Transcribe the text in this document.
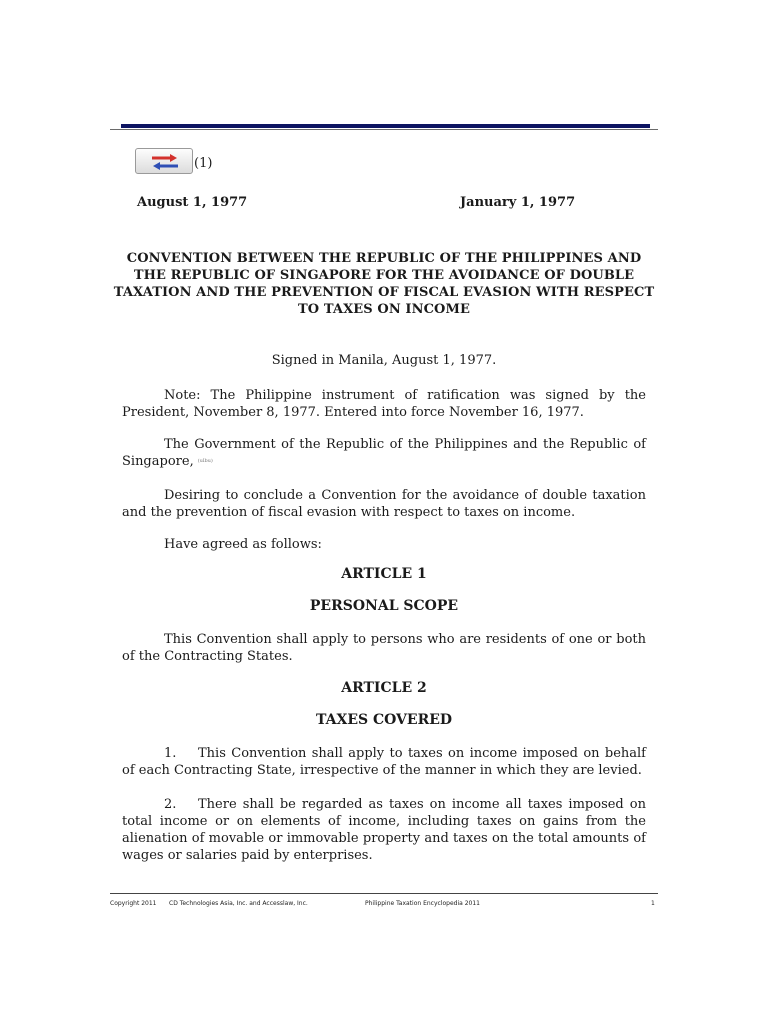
(1)
August 1, 1977	January 1, 1977
CONVENTION BETWEEN THE REPUBLIC OF THE PHILIPPINES AND THE REPUBLIC OF SINGAPORE FOR THE AVOIDANCE OF DOUBLE TAXATION AND THE PREVENTION OF FISCAL EVASION WITH RESPECT TO TAXES ON INCOME
Signed in Manila, August 1, 1977.
Note: The Philippine instrument of ratification was signed by the President, November 8, 1977. Entered into force November 16, 1977.
The Government of the Republic of the Philippines and the Republic of Singapore, (ulbu)
Desiring to conclude a Convention for the avoidance of double taxation and the prevention of fiscal evasion with respect to taxes on income.
Have agreed as follows:
ARTICLE 1
PERSONAL SCOPE
This Convention shall apply to persons who are residents of one or both of the Contracting States.
ARTICLE 2
TAXES COVERED
1. This Convention shall apply to taxes on income imposed on behalf of each Contracting State, irrespective of the manner in which they are levied.
2. There shall be regarded as taxes on income all taxes imposed on total income or on elements of income, including taxes on gains from the alienation of movable or immovable property and taxes on the total amounts of wages or salaries paid by enterprises.
Copyright 2011 CD Technologies Asia, Inc. and Accesslaw, Inc.	Philippine Taxation Encyclopedia 2011	1
